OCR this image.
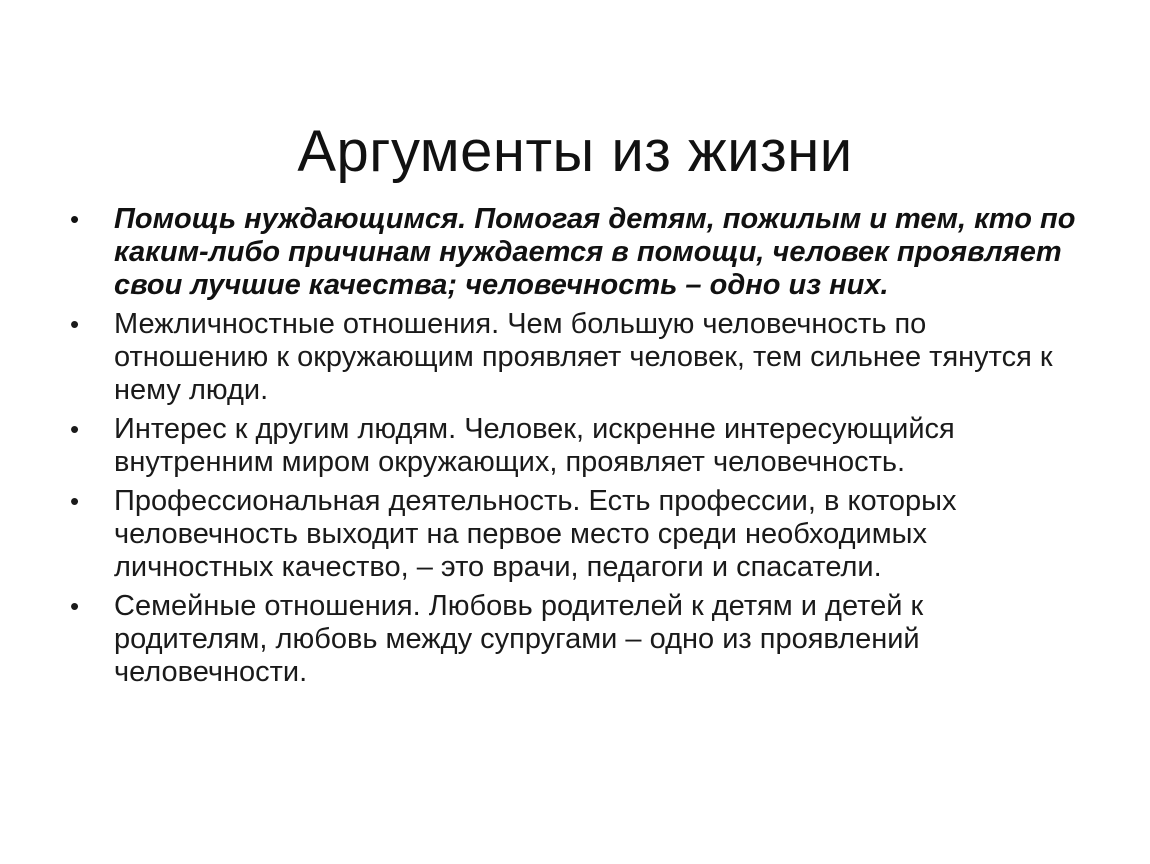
Аргументы из жизни
•	Помощь нуждающимся. Помогая детям, пожилым и тем, кто по каким-либо причинам нуждается в помощи, человек проявляет свои лучшие качества; человечность – одно из них.
•	Межличностные отношения. Чем большую человечность по отношению к окружающим проявляет человек, тем сильнее тянутся к нему люди.
•	Интерес к другим людям. Человек, искренне интересующийся внутренним миром окружающих, проявляет человечность.
•	Профессиональная деятельность. Есть профессии, в которых человечность выходит на первое место среди необходимых личностных качество, – это врачи, педагоги и спасатели.
•	Семейные отношения. Любовь родителей к детям и детей к родителям, любовь между супругами – одно из проявлений человечности.
